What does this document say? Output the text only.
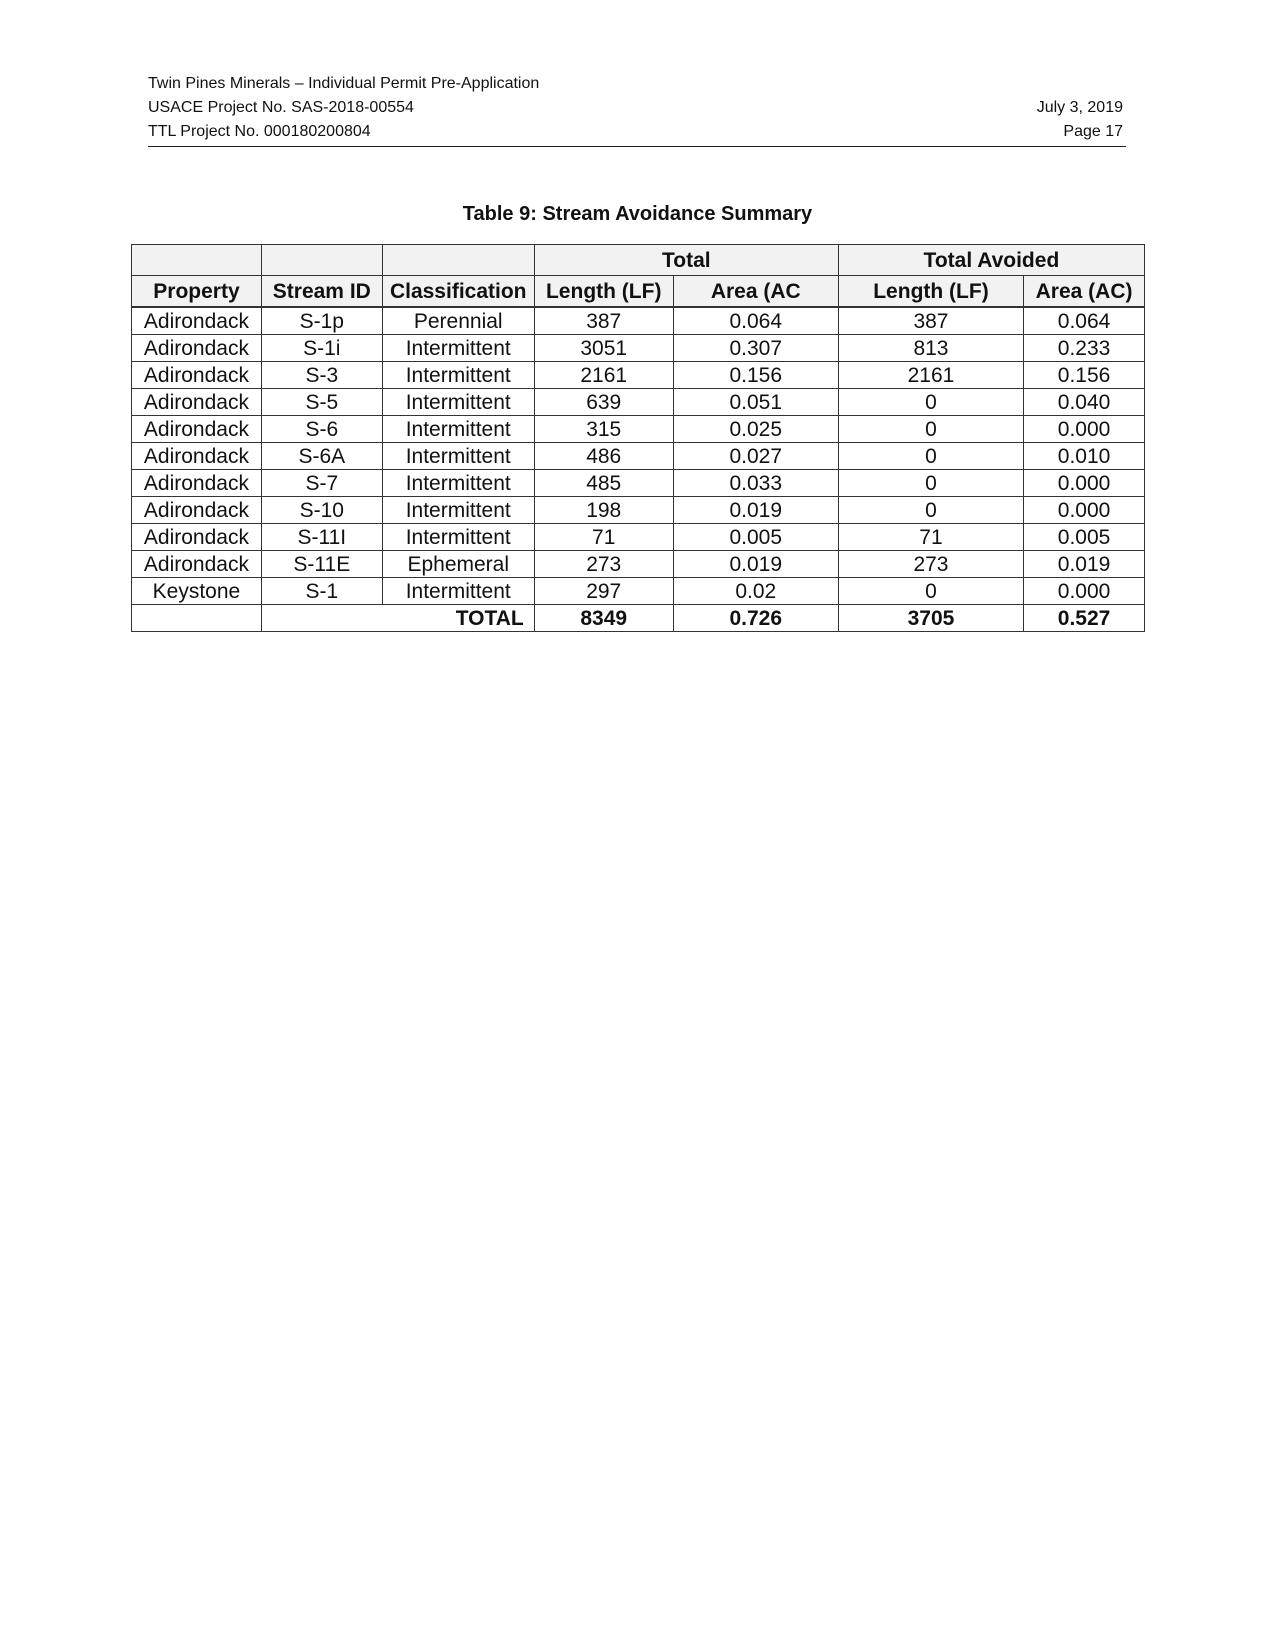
Twin Pines Minerals – Individual Permit Pre-Application
USACE Project No. SAS-2018-00554	July 3, 2019
TTL Project No. 000180200804	Page 17
Table 9: Stream Avoidance Summary
			Total		Total Avoided	
Property	Stream ID	Classification	Length (LF)	Area (AC	Length (LF)	Area (AC)
Adirondack	S-1p	Perennial	387	0.064	387	0.064
Adirondack	S-1i	Intermittent	3051	0.307	813	0.233
Adirondack	S-3	Intermittent	2161	0.156	2161	0.156
Adirondack	S-5	Intermittent	639	0.051	0	0.040
Adirondack	S-6	Intermittent	315	0.025	0	0.000
Adirondack	S-6A	Intermittent	486	0.027	0	0.010
Adirondack	S-7	Intermittent	485	0.033	0	0.000
Adirondack	S-10	Intermittent	198	0.019	0	0.000
Adirondack	S-11I	Intermittent	71	0.005	71	0.005
Adirondack	S-11E	Ephemeral	273	0.019	273	0.019
Keystone	S-1	Intermittent	297	0.02	0	0.000
	TOTAL		8349	0.726	3705	0.527
